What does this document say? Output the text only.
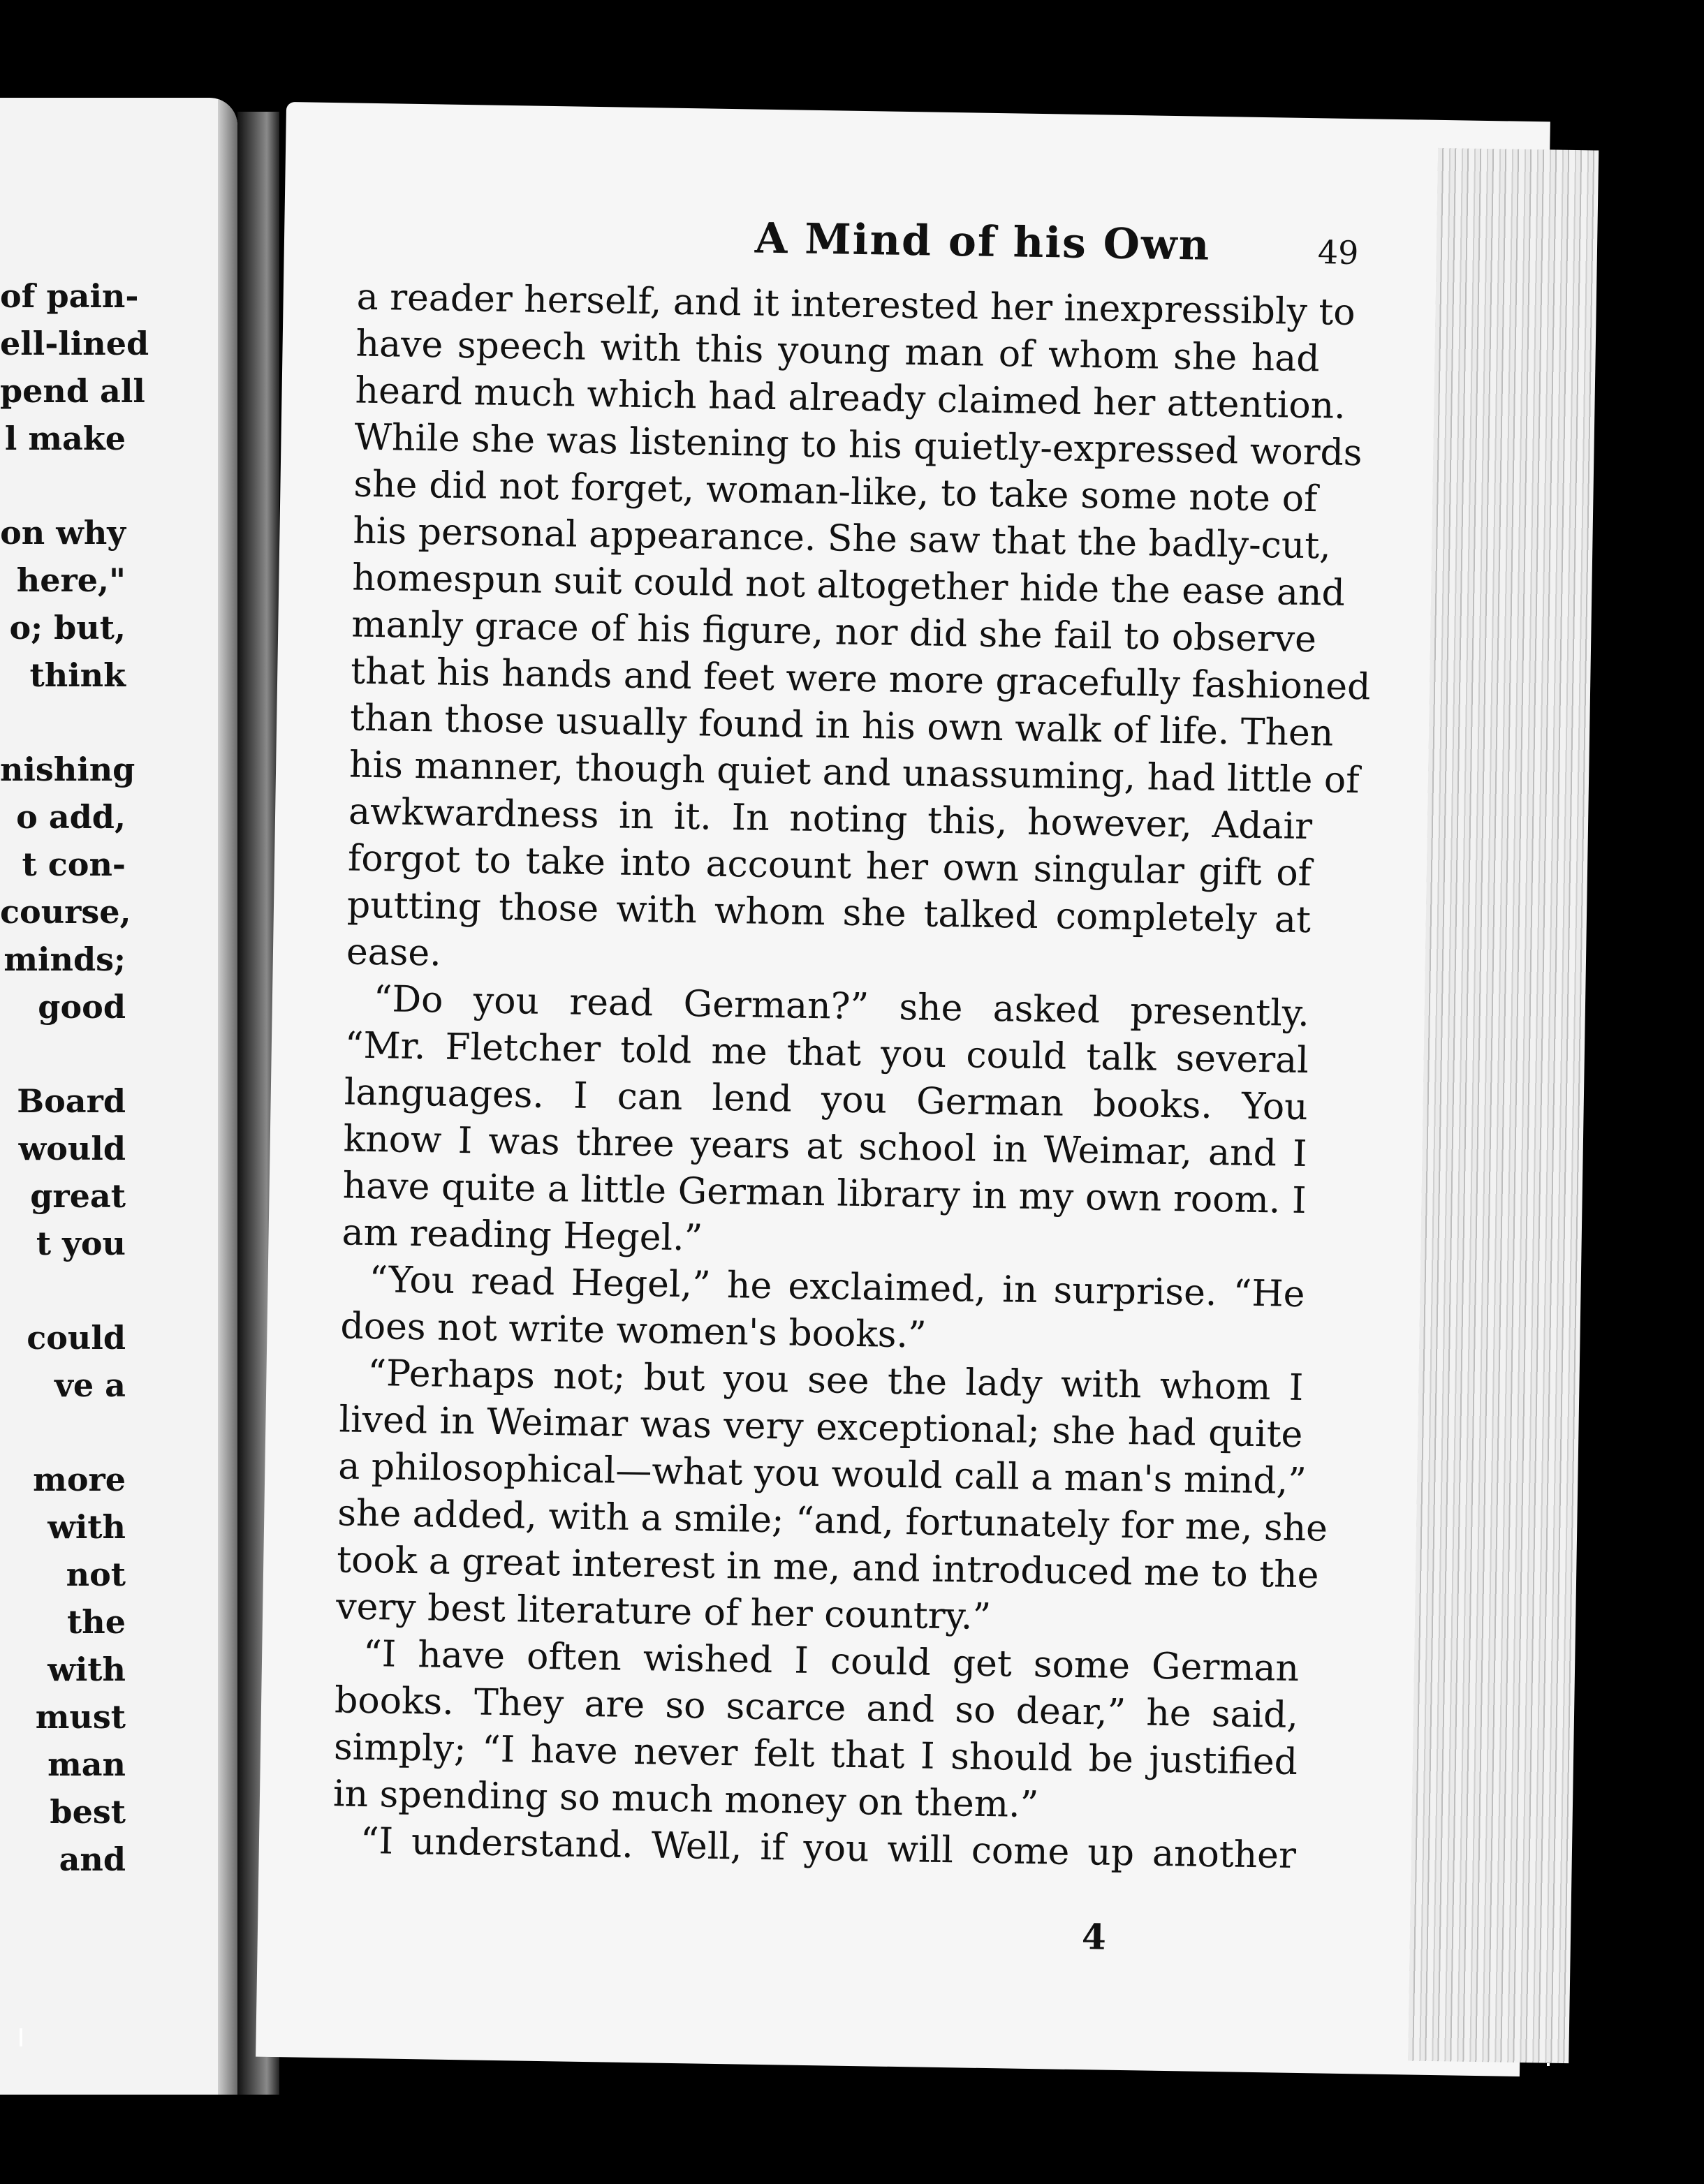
of pain-
ell-lined
pend all
l make
on why
here,"
o; but,
think
nishing
o add,
t con-
course,
minds;
good
Board
would
great
t you
could
ve a
more
with
not
the
with
must
man
best
and
A Mind of his Own	49
a reader herself, and it interested her inexpressibly to
have speech with this young man of whom she had
heard much which had already claimed her attention.
While she was listening to his quietly-expressed words
she did not forget, woman-like, to take some note of
his personal appearance. She saw that the badly-cut,
homespun suit could not altogether hide the ease and
manly grace of his figure, nor did she fail to observe
that his hands and feet were more gracefully fashioned
than those usually found in his own walk of life. Then
his manner, though quiet and unassuming, had little of
awkwardness in it. In noting this, however, Adair
forgot to take into account her own singular gift of
putting those with whom she talked completely at
ease.
“Do you read German?” she asked presently.
“Mr. Fletcher told me that you could talk several
languages. I can lend you German books. You
know I was three years at school in Weimar, and I
have quite a little German library in my own room. I
am reading Hegel.”
“You read Hegel,” he exclaimed, in surprise. “He
does not write women's books.”
“Perhaps not; but you see the lady with whom I
lived in Weimar was very exceptional; she had quite
a philosophical—what you would call a man's mind,”
she added, with a smile; “and, fortunately for me, she
took a great interest in me, and introduced me to the
very best literature of her country.”
“I have often wished I could get some German
books. They are so scarce and so dear,” he said,
simply; “I have never felt that I should be justified
in spending so much money on them.”
“I understand. Well, if you will come up another
4
